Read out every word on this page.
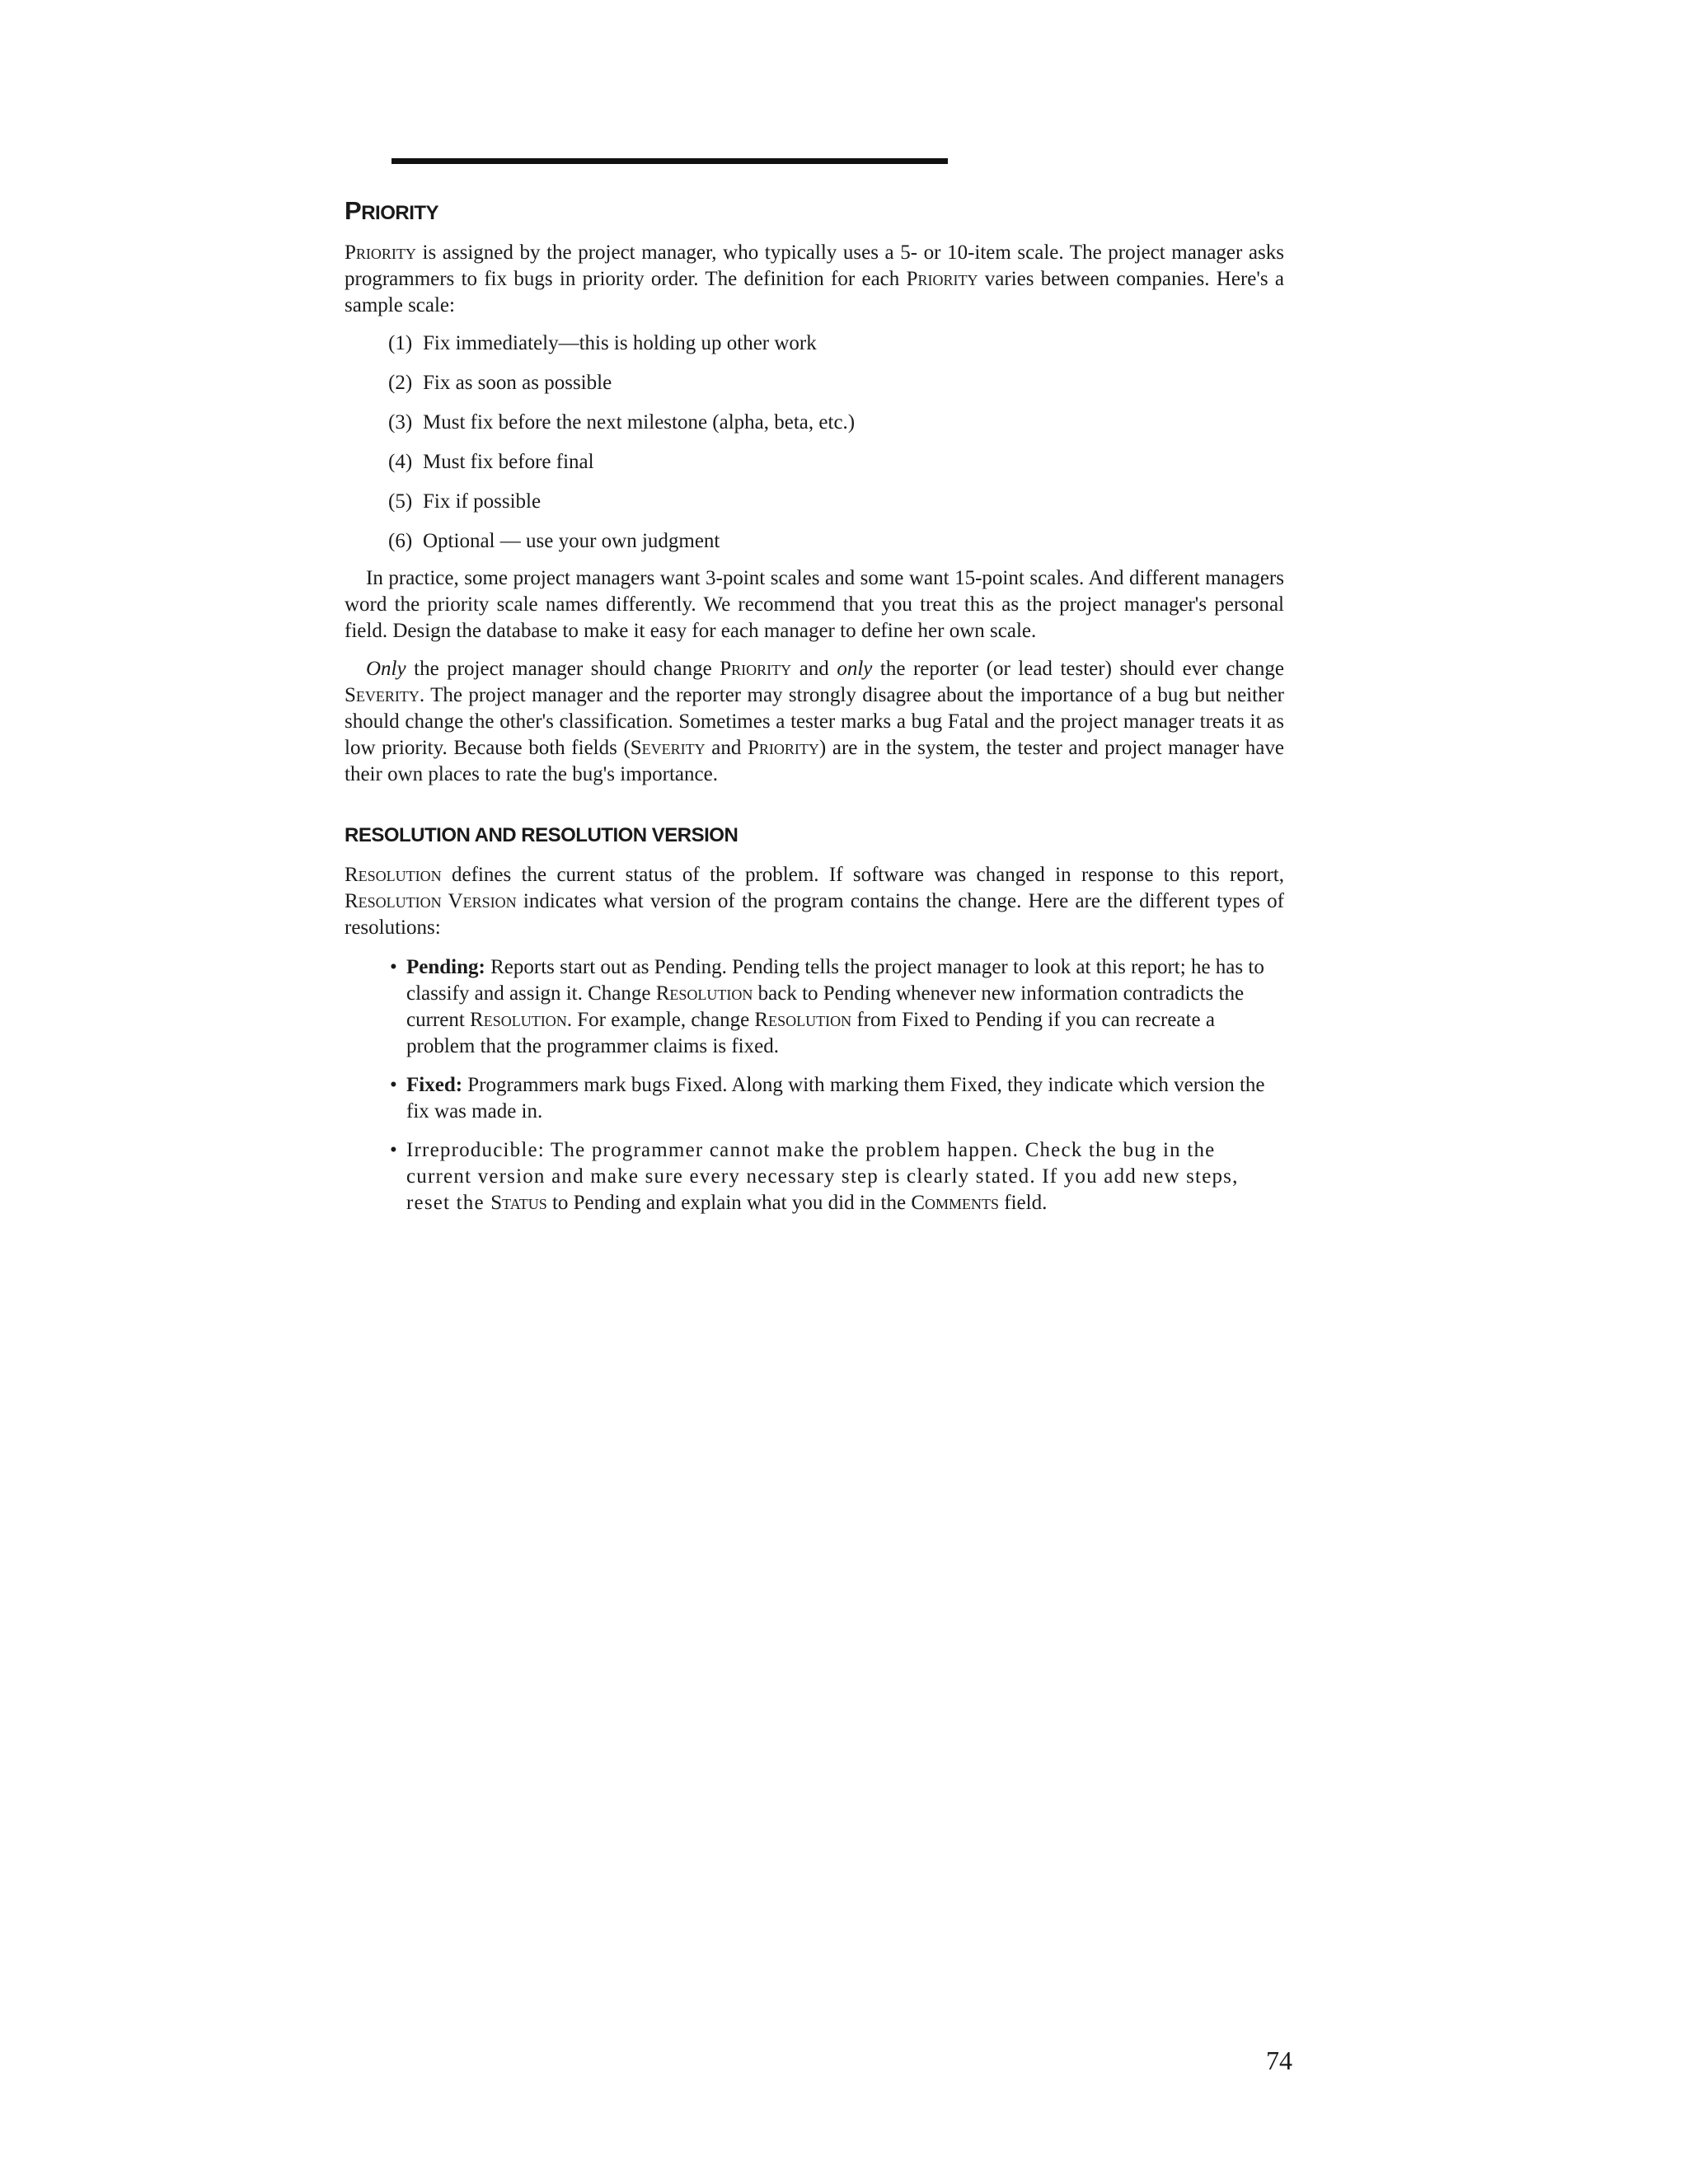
PRIORITY

Priority is assigned by the project manager, who typically uses a 5- or 10-item scale. The project manager asks programmers to fix bugs in priority order. The definition for each Priority varies between companies. Here's a sample scale:

(1) Fix immediately—this is holding up other work
(2) Fix as soon as possible
(3) Must fix before the next milestone (alpha, beta, etc.)
(4) Must fix before final
(5) Fix if possible
(6) Optional — use your own judgment

In practice, some project managers want 3-point scales and some want 15-point scales. And different managers word the priority scale names differently. We recommend that you treat this as the project manager's personal field. Design the database to make it easy for each manager to define her own scale.

Only the project manager should change Priority and only the reporter (or lead tester) should ever change Severity. The project manager and the reporter may strongly disagree about the importance of a bug but neither should change the other's classification. Sometimes a tester marks a bug Fatal and the project manager treats it as low priority. Because both fields (Severity and Priority) are in the system, the tester and project manager have their own places to rate the bug's importance.

RESOLUTION AND RESOLUTION VERSION

Resolution defines the current status of the problem. If software was changed in response to this report, Resolution Version indicates what version of the program contains the change. Here are the different types of resolutions:

• Pending: Reports start out as Pending. Pending tells the project manager to look at this report; he has to classify and assign it. Change Resolution back to Pending whenever new information contradicts the current Resolution. For example, change Resolution from Fixed to Pending if you can recreate a problem that the programmer claims is fixed.
• Fixed: Programmers mark bugs Fixed. Along with marking them Fixed, they indicate which version the fix was made in.
• Irreproducible: The programmer cannot make the problem happen. Check the bug in the current version and make sure every necessary step is clearly stated. If you add new steps, reset the Status to Pending and explain what you did in the Comments field.
74
